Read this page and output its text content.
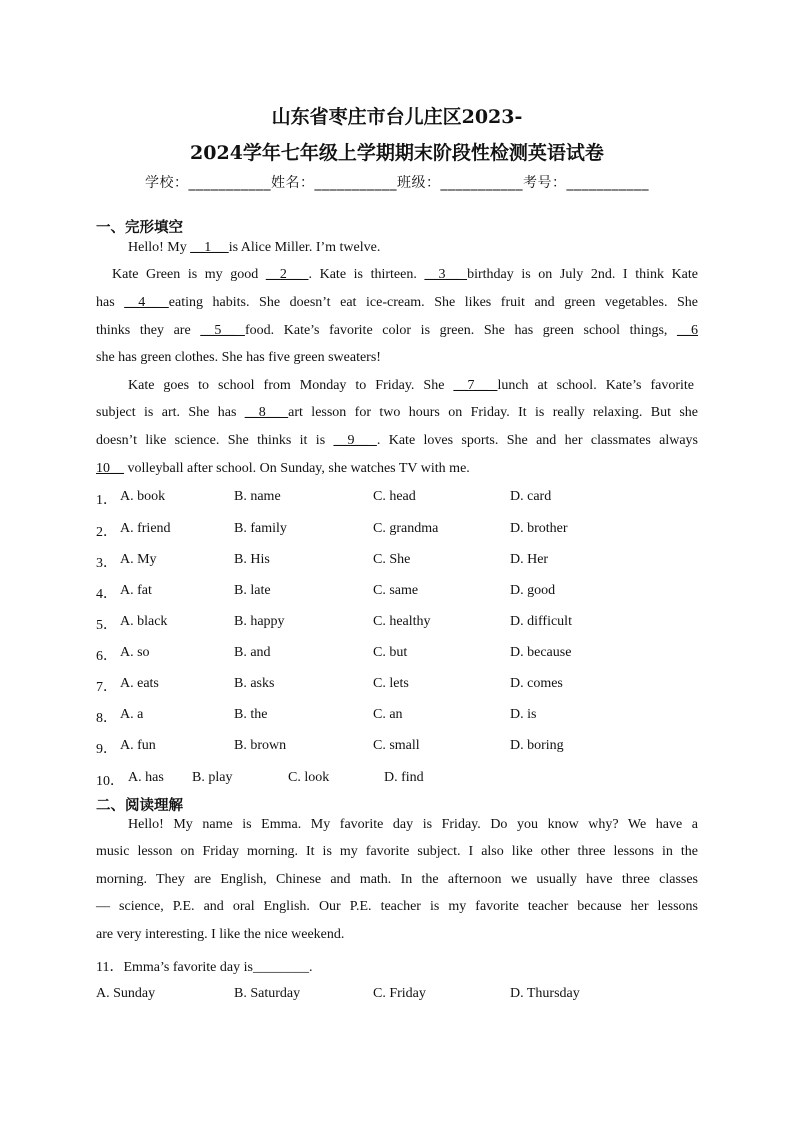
山东省枣庄市台儿庄区2023-
2024学年七年级上学期期末阶段性检测英语试卷
学校：___________姓名：___________班级：___________考号：___________
一、完形填空
Hello! My __1__ is Alice Miller. I’m twelve.
Kate Green is my good __2__ . Kate is thirteen. __3__ birthday is on July 2nd. I think Kate
has __4__ eating habits. She doesn’t eat ice-cream. She likes fruit and green vegetables. She
thinks they are __5__ food. Kate’s favorite color is green. She has green school things, __6
she has green clothes. She has five green sweaters!
Kate goes to school from Monday to Friday. She __7__ lunch at school. Kate’s favorite
subject is art. She has __8__ art lesson for two hours on Friday. It is really relaxing. But she
doesn’t like science. She thinks it is __9__ . Kate loves sports. She and her classmates always
10__ volleyball after school. On Sunday, she watches TV with me.
1． A. book	B. name	C. head	D. card
2． A. friend	B. family	C. grandma	D. brother
3． A. My	B. His	C. She	D. Her
4． A. fat	B. late	C. same	D. good
5． A. black	B. happy	C. healthy	D. difficult
6． A. so	B. and	C. but	D. because
7． A. eats	B. asks	C. lets	D. comes
8． A. a	B. the	C. an	D. is
9． A. fun	B. brown	C. small	D. boring
10． A. has B. play	C. look	D. find
二、阅读理解
Hello! My name is Emma. My favorite day is Friday. Do you know why? We have a
music lesson on Friday morning. It is my favorite subject. I also like other three lessons in the
morning. They are English, Chinese and math. In the afternoon we usually have three classes
— science, P.E. and oral English. Our P.E. teacher is my favorite teacher because her lessons
are very interesting. I like the nice weekend.
11．Emma’s favorite day is________.
A. Sunday	B. Saturday	C. Friday	D. Thursday
